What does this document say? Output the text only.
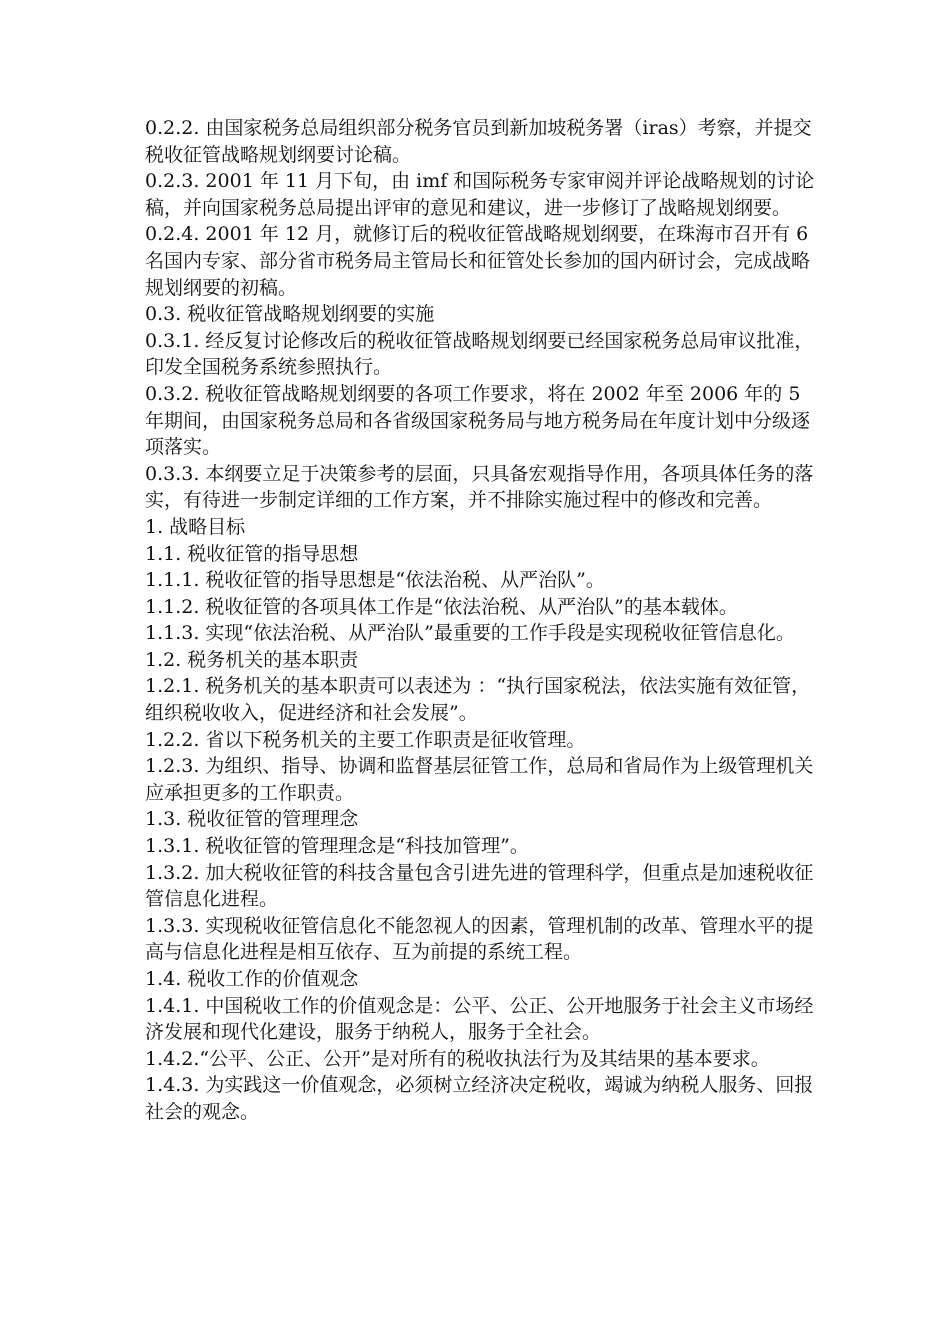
0.2.2. 由国家税务总局组织部分税务官员到新加坡税务署（iras）考察，并提交税收征管战略规划纲要讨论稿。

0.2.3. 2001 年 11 月下旬，由 imf 和国际税务专家审阅并评论战略规划的讨论稿，并向国家税务总局提出评审的意见和建议，进一步修订了战略规划纲要。

0.2.4. 2001 年 12 月，就修订后的税收征管战略规划纲要，在珠海市召开有 6 名国内专家、部分省市税务局主管局长和征管处长参加的国内研讨会，完成战略规划纲要的初稿。

0.3. 税收征管战略规划纲要的实施

0.3.1. 经反复讨论修改后的税收征管战略规划纲要已经国家税务总局审议批准，印发全国税务系统参照执行。

0.3.2. 税收征管战略规划纲要的各项工作要求，将在 2002 年至 2006 年的 5 年期间，由国家税务总局和各省级国家税务局与地方税务局在年度计划中分级逐项落实。

0.3.3. 本纲要立足于决策参考的层面，只具备宏观指导作用，各项具体任务的落实，有待进一步制定详细的工作方案，并不排除实施过程中的修改和完善。

1. 战略目标

1.1. 税收征管的指导思想

1.1.1. 税收征管的指导思想是“依法治税、从严治队”。

1.1.2. 税收征管的各项具体工作是“依法治税、从严治队”的基本载体。

1.1.3. 实现“依法治税、从严治队”最重要的工作手段是实现税收征管信息化。

1.2. 税务机关的基本职责

1.2.1. 税务机关的基本职责可以表述为 ：“执行国家税法，依法实施有效征管，组织税收收入，促进经济和社会发展”。

1.2.2. 省以下税务机关的主要工作职责是征收管理。

1.2.3. 为组织、指导、协调和监督基层征管工作，总局和省局作为上级管理机关应承担更多的工作职责。

1.3. 税收征管的管理理念

1.3.1. 税收征管的管理理念是“科技加管理”。

1.3.2. 加大税收征管的科技含量包含引进先进的管理科学，但重点是加速税收征管信息化进程。

1.3.3. 实现税收征管信息化不能忽视人的因素，管理机制的改革、管理水平的提高与信息化进程是相互依存、互为前提的系统工程。

1.4. 税收工作的价值观念

1.4.1. 中国税收工作的价值观念是：公平、公正、公开地服务于社会主义市场经济发展和现代化建设，服务于纳税人，服务于全社会。

1.4.2.“公平、公正、公开”是对所有的税收执法行为及其结果的基本要求。

1.4.3. 为实践这一价值观念，必须树立经济决定税收，竭诚为纳税人服务、回报社会的观念。
